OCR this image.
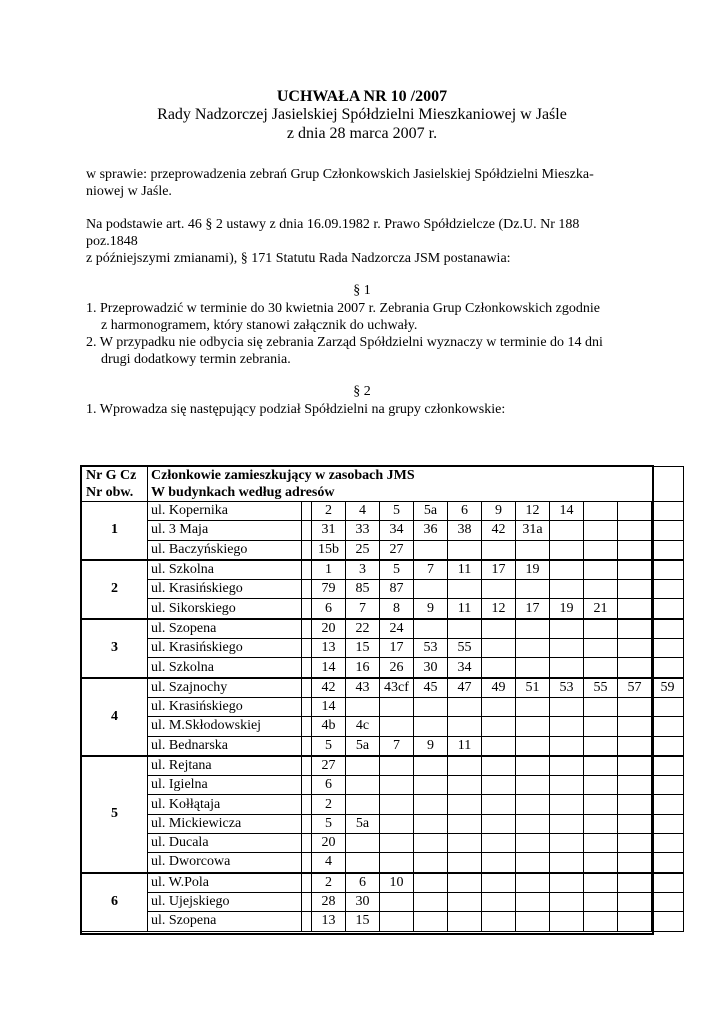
UCHWAŁA NR 10 /2007
Rady Nadzorczej Jasielskiej Spółdzielni Mieszkaniowej w Jaśle
z dnia 28 marca 2007 r.
w sprawie: przeprowadzenia zebrań Grup Członkowskich Jasielskiej Spółdzielni Mieszka-
niowej w Jaśle.
Na podstawie art. 46 § 2 ustawy z dnia 16.09.1982 r. Prawo Spółdzielcze (Dz.U. Nr 188
poz.1848
z późniejszymi zmianami), § 171 Statutu Rada Nadzorcza JSM postanawia:
§ 1
1. Przeprowadzić w terminie do 30 kwietnia 2007 r. Zebrania Grup Członkowskich zgodnie
z harmonogramem, który stanowi załącznik do uchwały.
2. W przypadku nie odbycia się zebrania Zarząd Spółdzielni wyznaczy w terminie do 14 dni
drugi dodatkowy termin zebrania.
§ 2
1. Wprowadza się następujący podział Spółdzielni na grupy członkowskie:
Nr G Cz
Nr obw.	Członkowie zamieszkujący w zasobach JMS												

	W budynkach według adresów												

1	ul. Kopernika		2	4	5	5a	6	9	12	14			
	ul. 3 Maja		31	33	34	36	38	42	31a				
	ul. Baczyńskiego		15b	25	27								
2	ul. Szkolna		1	3	5	7	11	17	19				
	ul. Krasińskiego		79	85	87								
	ul. Sikorskiego		6	7	8	9	11	12	17	19	21		
3	ul. Szopena		20	22	24								
	ul. Krasińskiego		13	15	17	53	55						
	ul. Szkolna		14	16	26	30	34						
4	ul. Szajnochy		42	43	43cf	45	47	49	51	53	55	57	59
	ul. Krasińskiego		14										
	ul. M.Skłodowskiej		4b	4c									
	ul. Bednarska		5	5a	7	9	11						
5	ul. Rejtana		27										
	ul. Igielna		6										
	ul. Kołłątaja		2										
	ul. Mickiewicza		5	5a									
	ul. Ducala		20										
	ul. Dworcowa		4										
6	ul. W.Pola		2	6	10								
	ul. Ujejskiego		28	30									
	ul. Szopena		13	15									
